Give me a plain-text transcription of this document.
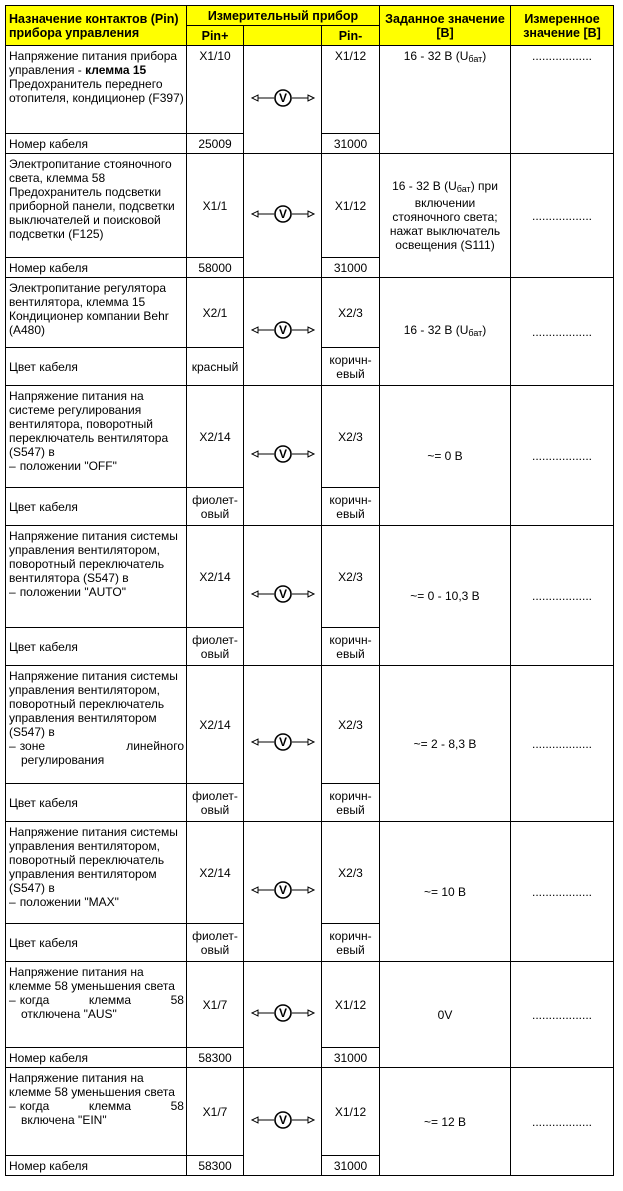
Назначение контактов (Pin) прибора управления	Измерительный прибор			Заданное значение [В]	Измеренное значение [В]
	Pin+		Pin-		
Напряжение питания прибора управления - клемма 15 Предохранитель переднего отопителя, кондиционер (F397)	X1/10	V	X1/12	16 - 32 В $(U_{бат})$	..................
Номер кабеля	25009		31000		
Электропитание стояночного света, клемма 58 Предохранитель подсветки приборной панели, подсветки выключателей и поисковой подсветки (F125)	X1/1	V	X1/12	16 - 32 В $(U_{бат})$ при включении стояночного света; нажат выключатель освещения (S111)	..................
Номер кабеля	58000		31000		
Электропитание регулятора вентилятора, клемма 15 Кондиционер компании Behr (A480)	X2/1	V	X2/3	16 - 32 В $(U_{бат})$	..................
Цвет кабеля	красный		коричн-евый		

Напряжение питания на системе регулирования вентилятора, поворотный переключатель вентилятора (S547) в
– положении "OFF"	X2/14	V	X2/3	~= 0 В	..................
Цвет кабеля	фиолет-овый		коричн-евый		

Напряжение питания системы управления вентилятором, поворотный переключатель вентилятора (S547) в
– положении "AUTO"	X2/14	V	X2/3	~= 0 - 10,3 В	..................
Цвет кабеля	фиолет-овый		коричн-евый		

Напряжение питания системы управления вентилятором, поворотный переключатель управления вентилятором (S547) в
– зоне линейного
регулирования	X2/14	V	X2/3	~= 2 - 8,3 В	..................
Цвет кабеля	фиолет-овый		коричн-евый		

Напряжение питания системы управления вентилятором, поворотный переключатель управления вентилятором (S547) в
– положении "MAX"	X2/14	V	X2/3	~= 10 В	..................
Цвет кабеля	фиолет-овый		коричн-евый		

Напряжение питания на клемме 58 уменьшения света
– когда клемма 58
отключена "AUS"	X1/7	V	X1/12	0V	..................
Номер кабеля	58300		31000		

Напряжение питания на клемме 58 уменьшения света
– когда клемма 58
включена "EIN"	X1/7	V	X1/12	~= 12 В	..................
Номер кабеля	58300		31000		
